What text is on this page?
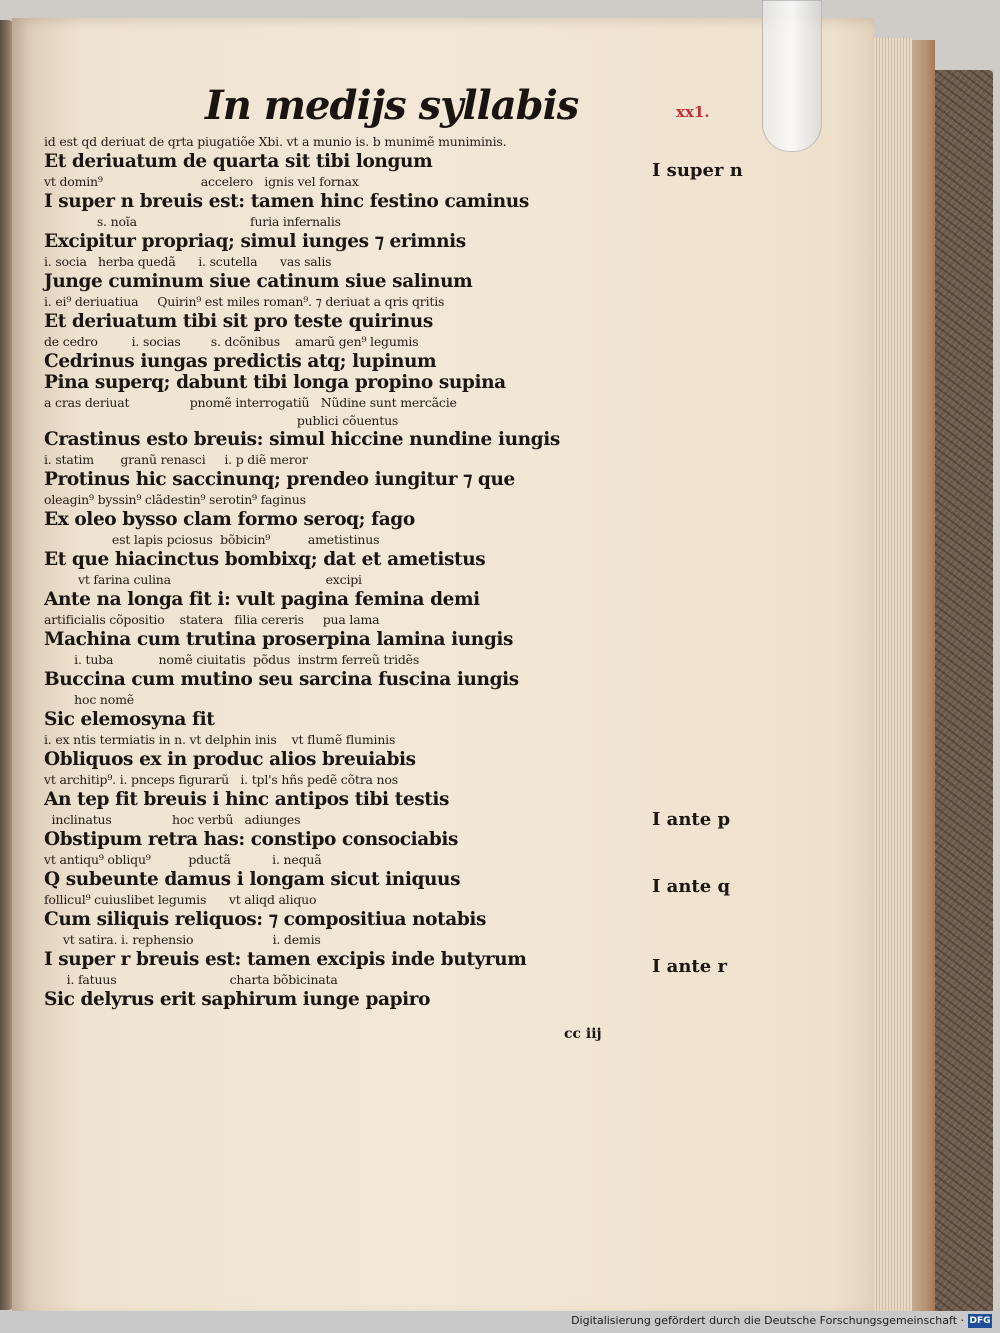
In medijs syllabis	xx1.
id est qd deriuat de qrta piugatiõe Xbi. vt a munio is. b munimẽ muniminis.
Et deriuatum de quarta sit tibi longum
vt domin⁹                          accelero   ignis vel fornax
I super n breuis est: tamen hinc festino caminus
s. noĩa                              furia infernalis
Excipitur propriaq; simul iunges ⁊ erimnis
i. socia   herba quedã      i. scutella      vas salis
Junge cuminum siue catinum siue salinum
i. ei⁹ deriuatiua     Quirin⁹ est miles roman⁹. ⁊ deriuat a qris qritis
Et deriuatum tibi sit pro teste quirinus
de cedro         i. socias        s. dcõnibus    amarũ gen⁹ legumis
Cedrinus iungas predictis atq; lupinum
Pina superq; dabunt tibi longa propino supina
a cras deriuat                pnomẽ interrogatiũ   Nũdine sunt mercãcie
publici cõuentus
Crastinus esto breuis: simul hiccine nundine iungis
i. statim       granũ renasci     i. p diẽ meror
Protinus hic saccinunq; prendeo iungitur ⁊ que
oleagin⁹ byssin⁹ clãdestin⁹ serotin⁹ faginus
Ex oleo bysso clam formo seroq; fago
est lapis pciosus  bõbicin⁹          ametistinus
Et que hiacinctus bombixq; dat et ametistus
vt farina culina                                         excipi
Ante na longa fit i: vult pagina femina demi
artificialis cõpositio    statera   filia cereris     pua lama
Machina cum trutina proserpina lamina iungis
i. tuba            nomẽ ciuitatis  põdus  instrm ferreũ tridẽs
Buccina cum mutino seu sarcina fuscina iungis
hoc nomẽ
Sic elemosyna fit
i. ex ntis termiatis in n. vt delphin inis    vt flumẽ fluminis
Obliquos ex in produc alios breuiabis
vt architip⁹. i. pnceps figurarũ   i. tpl's hñs pedẽ cõtra nos
An tep fit breuis i hinc antipos tibi testis
inclinatus                hoc verbũ   adiunges
Obstipum retra has: constipo consociabis
vt antiqu⁹ obliqu⁹          pductã           i. nequã
Q subeunte damus i longam sicut iniquus
follicul⁹ cuiuslibet legumis      vt aliqd aliquo
Cum siliquis reliquos: ⁊ compositiua notabis
vt satira. i. rephensio                     i. demis
I super r breuis est: tamen excipis inde butyrum
i. fatuus                              charta bõbicinata
Sic delyrus erit saphirum iunge papiro
I super n
I ante p
I ante q
I ante r
cc iij
Digitalisierung gefördert durch die Deutsche Forschungsgemeinschaft · DFG
